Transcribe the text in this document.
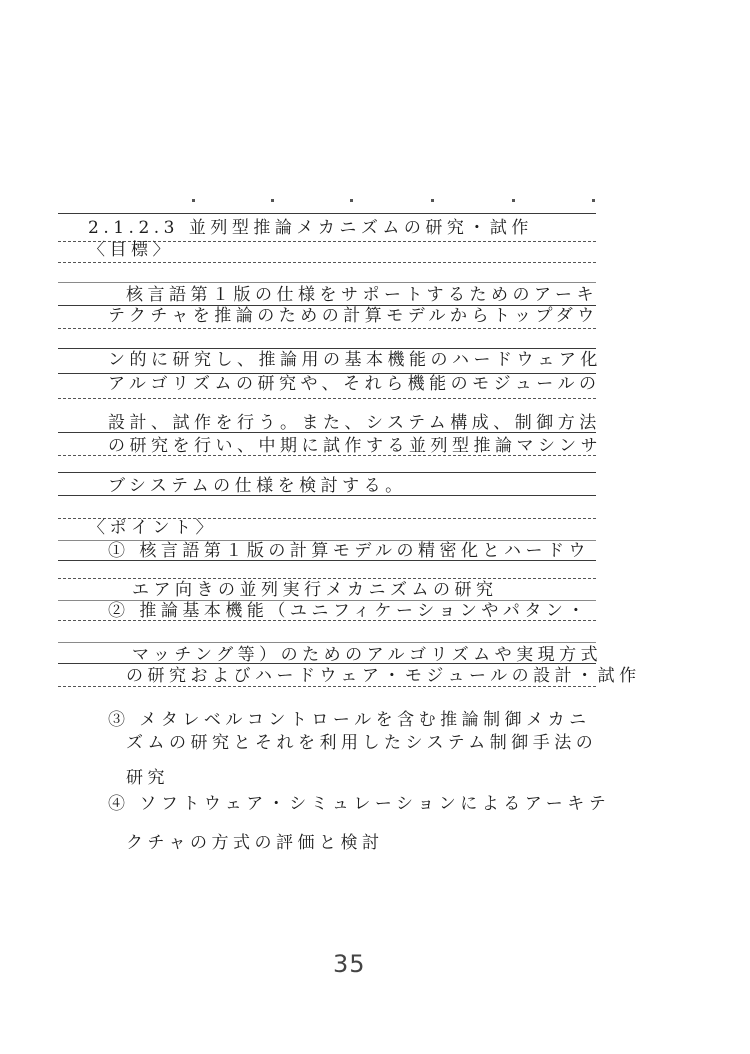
2.1.2.3 並列型推論メカニズムの研究・試作
〈目標〉
核言語第１版の仕様をサポートするためのアーキ
テクチャを推論のための計算モデルからトップダウ
ン的に研究し、推論用の基本機能のハードウェア化
アルゴリズムの研究や、それら機能のモジュールの
設計、試作を行う。また、システム構成、制御方法
の研究を行い、中期に試作する並列型推論マシンサ
ブシステムの仕様を検討する。
〈ポイント〉
① 核言語第１版の計算モデルの精密化とハードウ
エア向きの並列実行メカニズムの研究
② 推論基本機能（ユニフィケーションやパタン・
マッチング等）のためのアルゴリズムや実現方式
の研究およびハードウェア・モジュールの設計・試作
③ メタレベルコントロールを含む推論制御メカニ
ズムの研究とそれを利用したシステム制御手法の
研究
④ ソフトウェア・シミュレーションによるアーキテ
クチャの方式の評価と検討
35
